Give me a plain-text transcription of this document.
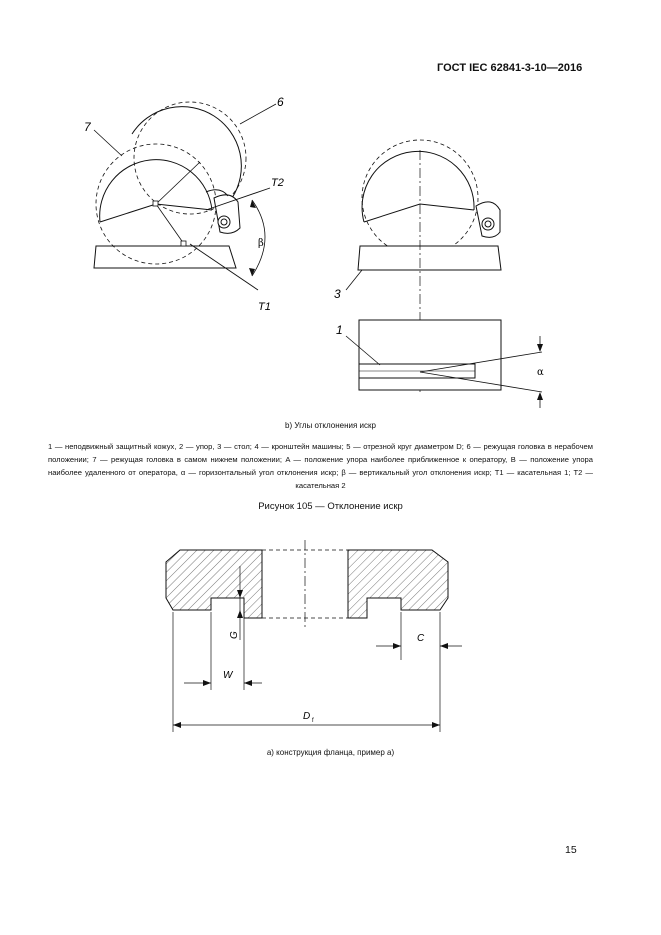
ГОСТ IEC 62841-3-10—2016
7
6
T2
T1
β
3
1
α
G	C
W
D f
b) Углы отклонения искр
1 — неподвижный защитный кожух, 2 — упор, 3 — стол; 4 — кронштейн машины; 5 — отрезной круг диаметром D; 6 — режущая головка в нерабочем положении; 7 — режущая головка в самом нижнем положении; A — положение упора наиболее приближенное к оператору, B — положение упора наиболее удаленного от оператора, α — горизонтальный угол отклонения искр; β — вертикальный угол отклонения искр; T1 — касательная 1; T2 — касательная 2
Рисунок 105 — Отклонение искр
a) конструкция фланца, пример a)
15
